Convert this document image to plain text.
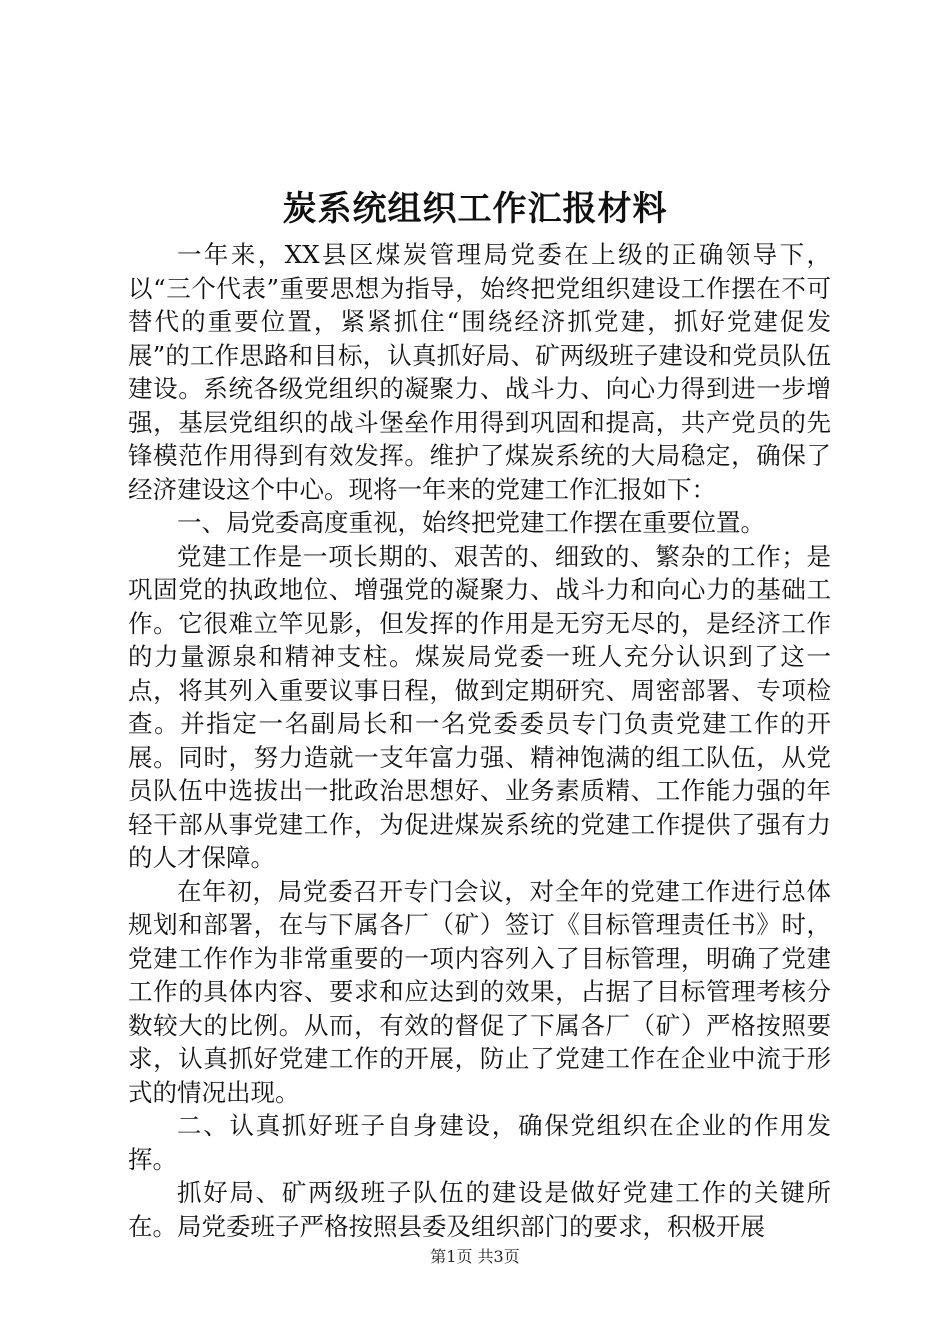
炭系统组织工作汇报材料

一年来，XX县区煤炭管理局党委在上级的正确领导下，以“三个代表”重要思想为指导，始终把党组织建设工作摆在不可替代的重要位置，紧紧抓住“围绕经济抓党建，抓好党建促发展”的工作思路和目标，认真抓好局、矿两级班子建设和党员队伍建设。系统各级党组织的凝聚力、战斗力、向心力得到进一步增强，基层党组织的战斗堡垒作用得到巩固和提高，共产党员的先锋模范作用得到有效发挥。维护了煤炭系统的大局稳定，确保了经济建设这个中心。现将一年来的党建工作汇报如下：

一、局党委高度重视，始终把党建工作摆在重要位置。

党建工作是一项长期的、艰苦的、细致的、繁杂的工作；是巩固党的执政地位、增强党的凝聚力、战斗力和向心力的基础工作。它很难立竿见影，但发挥的作用是无穷无尽的，是经济工作的力量源泉和精神支柱。煤炭局党委一班人充分认识到了这一点，将其列入重要议事日程，做到定期研究、周密部署、专项检查。并指定一名副局长和一名党委委员专门负责党建工作的开展。同时，努力造就一支年富力强、精神饱满的组工队伍，从党员队伍中选拔出一批政治思想好、业务素质精、工作能力强的年轻干部从事党建工作，为促进煤炭系统的党建工作提供了强有力的人才保障。

在年初，局党委召开专门会议，对全年的党建工作进行总体规划和部署，在与下属各厂（矿）签订《目标管理责任书》时，党建工作作为非常重要的一项内容列入了目标管理，明确了党建工作的具体内容、要求和应达到的效果，占据了目标管理考核分数较大的比例。从而，有效的督促了下属各厂（矿）严格按照要求，认真抓好党建工作的开展，防止了党建工作在企业中流于形式的情况出现。

二、认真抓好班子自身建设，确保党组织在企业的作用发挥。

抓好局、矿两级班子队伍的建设是做好党建工作的关键所在。局党委班子严格按照县委及组织部门的要求，积极开展

第1页 共3页
